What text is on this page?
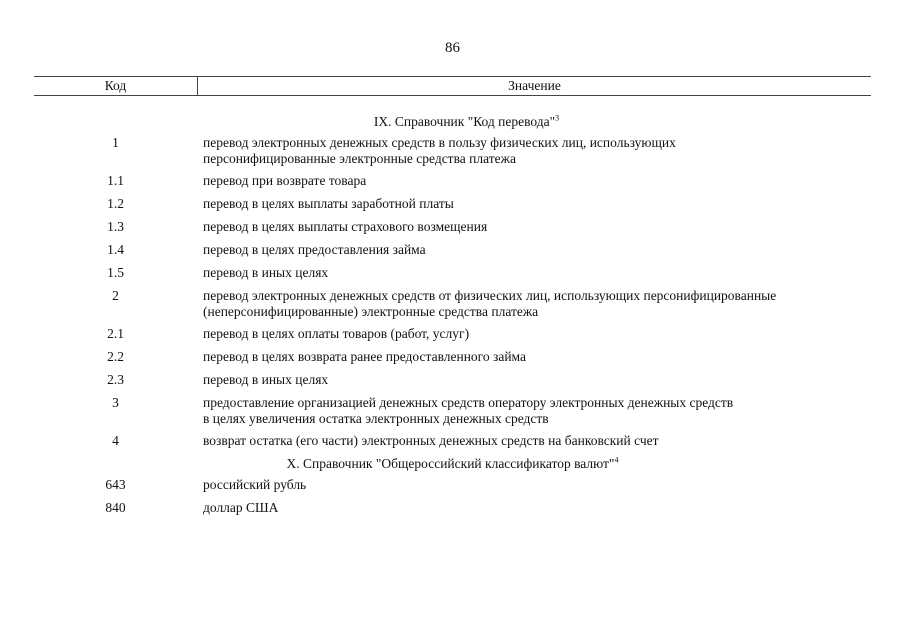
86
Код	Значение
IX. Справочник "Код перевода"$^3$
1	перевод электронных денежных средств в пользу физических лиц, использующих
персонифицированные электронные средства платежа
1.1	перевод при возврате товара
1.2	перевод в целях выплаты заработной платы
1.3	перевод в целях выплаты страхового возмещения
1.4	перевод в целях предоставления займа
1.5	перевод в иных целях
2	перевод электронных денежных средств от физических лиц, использующих персонифицированные
(неперсонифицированные) электронные средства платежа
2.1	перевод в целях оплаты товаров (работ, услуг)
2.2	перевод в целях возврата ранее предоставленного займа
2.3	перевод в иных целях
3	предоставление организацией денежных средств оператору электронных денежных средств
в целях увеличения остатка электронных денежных средств
4	возврат остатка (его части) электронных денежных средств на банковский счет
X. Справочник "Общероссийский классификатор валют"$^4$
643	российский рубль
840	доллар США
